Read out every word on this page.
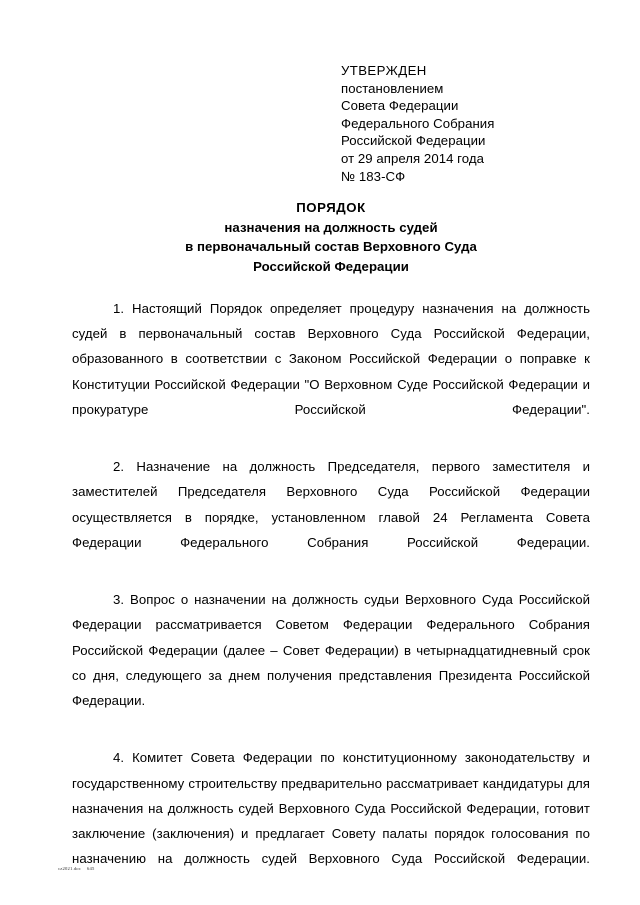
УТВЕРЖДЕН
постановлением
Совета Федерации
Федерального Собрания
Российской Федерации
от 29 апреля 2014 года
№ 183-СФ
ПОРЯДОК
назначения на должность судей
в первоначальный состав Верховного Суда
Российской Федерации

1. Настоящий Порядок определяет процедуру назначения на должность судей в первоначальный состав Верховного Суда Российской Федерации, образованного в соответствии с Законом Российской Федерации о поправке к Конституции Российской Федерации "О Верховном Суде Российской Федерации и прокуратуре Российской Федерации".

2. Назначение на должность Председателя, первого заместителя и заместителей Председателя Верховного Суда Российской Федерации осуществляется в порядке, установленном главой 24 Регламента Совета Федерации Федерального Собрания Российской Федерации.

3. Вопрос о назначении на должность судьи Верховного Суда Российской Федерации рассматривается Советом Федерации Федерального Собрания Российской Федерации (далее – Совет Федерации) в четырнадцатидневный срок со дня, следующего за днем получения представления Президента Российской Федерации.

4. Комитет Совета Федерации по конституционному законодательству и государственному строительству предварительно рассматривает кандидатуры для назначения на должность судей Верховного Суда Российской Федерации, готовит заключение (заключения) и предлагает Совету палаты порядок голосования по назначению на должность судей Верховного Суда Российской Федерации.

cz2021.doc 645
